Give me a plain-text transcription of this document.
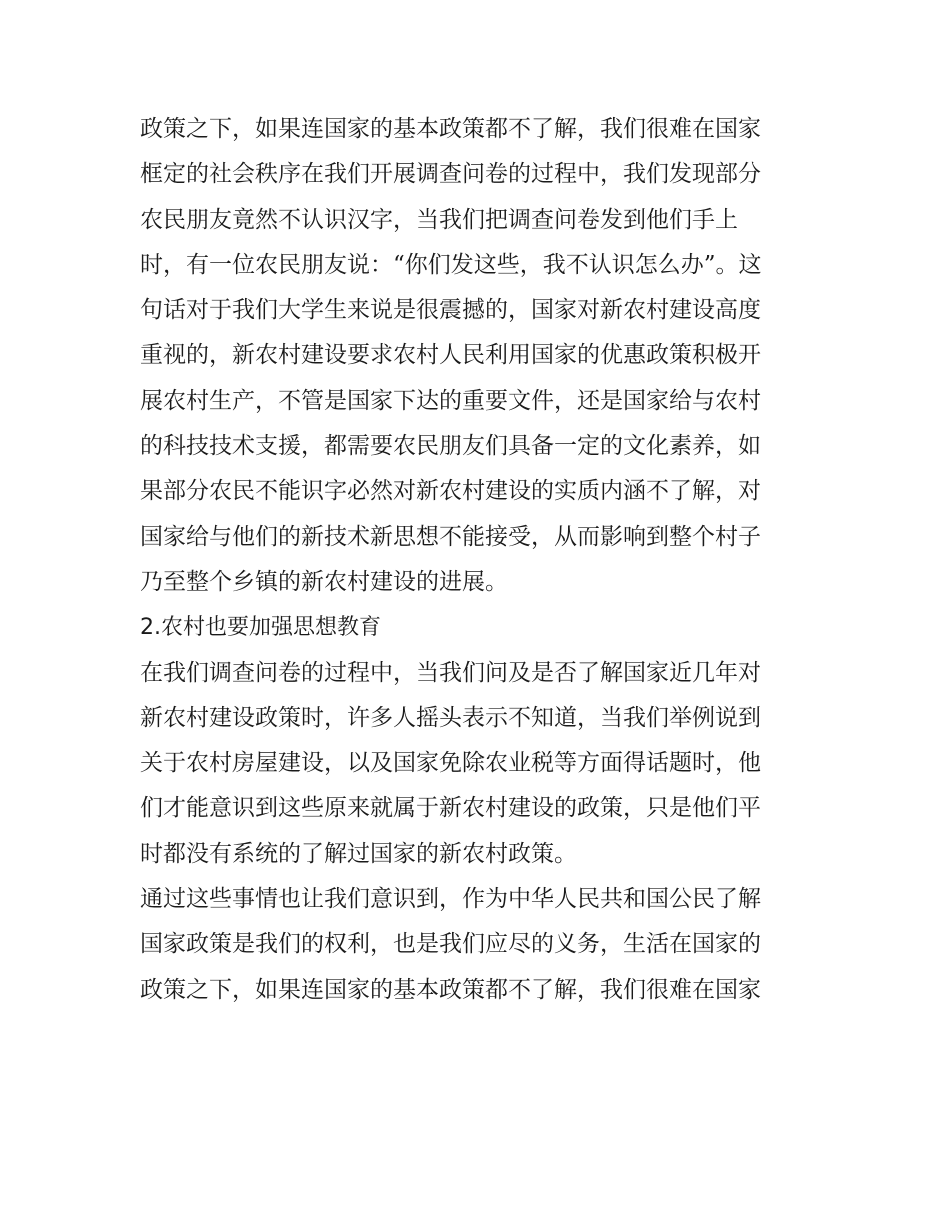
政策之下，如果连国家的基本政策都不了解，我们很难在国家
框定的社会秩序在我们开展调查问卷的过程中，我们发现部分
农民朋友竟然不认识汉字，当我们把调查问卷发到他们手上
时，有一位农民朋友说：“你们发这些，我不认识怎么办”。这
句话对于我们大学生来说是很震撼的，国家对新农村建设高度
重视的，新农村建设要求农村人民利用国家的优惠政策积极开
展农村生产，不管是国家下达的重要文件，还是国家给与农村
的科技技术支援，都需要农民朋友们具备一定的文化素养，如
果部分农民不能识字必然对新农村建设的实质内涵不了解，对
国家给与他们的新技术新思想不能接受，从而影响到整个村子
乃至整个乡镇的新农村建设的进展。
2.农村也要加强思想教育
在我们调查问卷的过程中，当我们问及是否了解国家近几年对
新农村建设政策时，许多人摇头表示不知道，当我们举例说到
关于农村房屋建设，以及国家免除农业税等方面得话题时，他
们才能意识到这些原来就属于新农村建设的政策，只是他们平
时都没有系统的了解过国家的新农村政策。
通过这些事情也让我们意识到，作为中华人民共和国公民了解
国家政策是我们的权利，也是我们应尽的义务，生活在国家的
政策之下，如果连国家的基本政策都不了解，我们很难在国家
